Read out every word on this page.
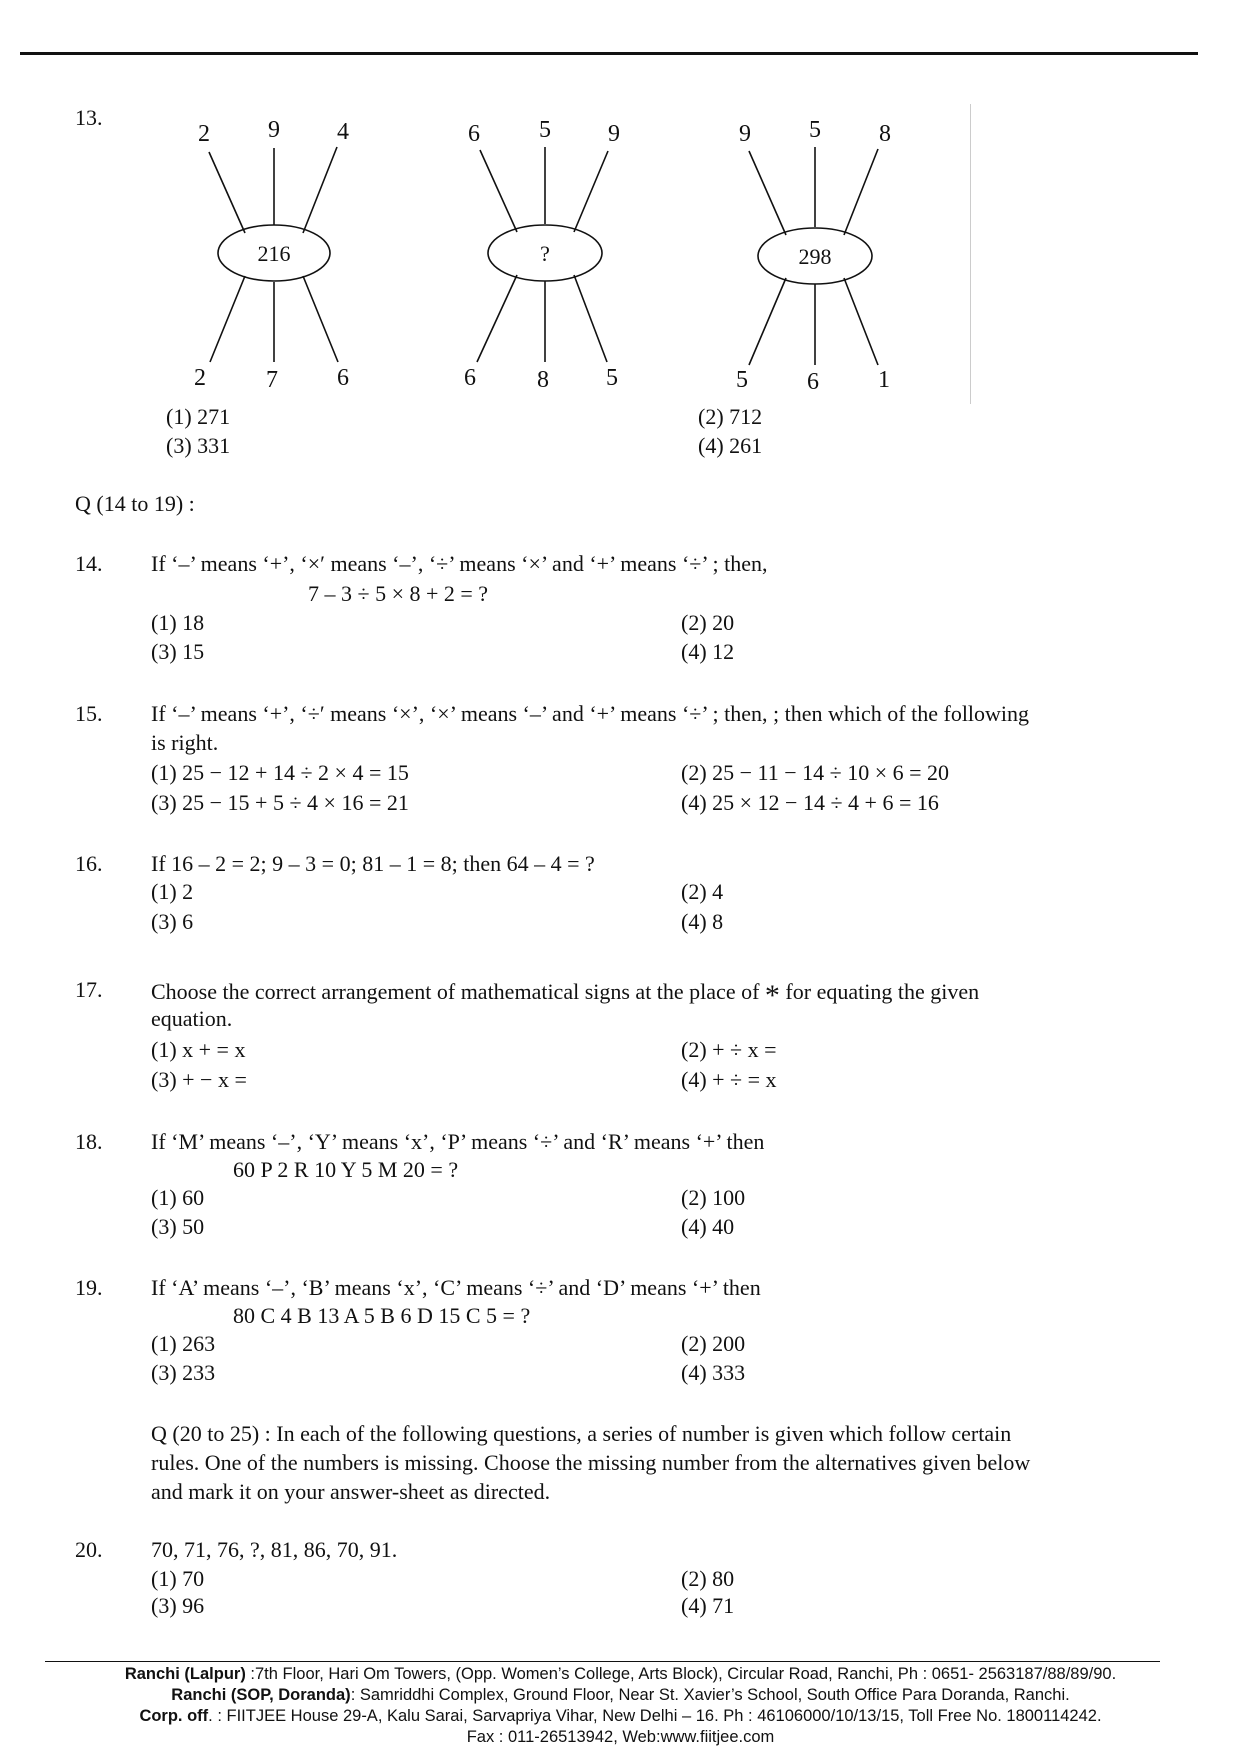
13.
2 9 4
216
2	7 6
6 5 9
?
6	8 5
9 5 8
298
5 6 1
(1) 271	(2) 712
(3) 331	(4) 261
Q (14 to 19) :
14. If ‘–’ means ‘+’, ‘×′ means ‘–’, ‘÷’ means ‘×’ and ‘+’ means ‘÷’ ; then,
7 – 3 ÷ 5 × 8 + 2 = ?
(1) 18	(2) 20
(3) 15	(4) 12
15. If ‘–’ means ‘+’, ‘÷′ means ‘×’, ‘×’ means ‘–’ and ‘+’ means ‘÷’ ; then, ; then which of the following
is right.
(1) 25 − 12 + 14 ÷ 2 × 4 = 15	(2) 25 − 11 − 14 ÷ 10 × 6 = 20
(3) 25 − 15 + 5 ÷ 4 × 16 = 21	(4) 25 × 12 − 14 ÷ 4 + 6 = 16
16. If 16 – 2 = 2; 9 – 3 = 0; 81 – 1 = 8; then 64 – 4 = ?
(1) 2	(2) 4
(3) 6	(4) 8
17. Choose the correct arrangement of mathematical signs at the place of * for equating the given
equation.
(1) x + = x	(2) + ÷ x =
(3) + − x =	(4) + ÷ = x
18. If ‘M’ means ‘–’, ‘Y’ means ‘x’, ‘P’ means ‘÷’ and ‘R’ means ‘+’ then
60 P 2 R 10 Y 5 M 20 = ?
(1) 60	(2) 100
(3) 50	(4) 40
19. If ‘A’ means ‘–’, ‘B’ means ‘x’, ‘C’ means ‘÷’ and ‘D’ means ‘+’ then
80 C 4 B 13 A 5 B 6 D 15 C 5 = ?
(1) 263	(2) 200
(3) 233	(4) 333
Q (20 to 25) : In each of the following questions, a series of number is given which follow certain
rules. One of the numbers is missing. Choose the missing number from the alternatives given below
and mark it on your answer-sheet as directed.
20. 70, 71, 76, ?, 81, 86, 70, 91.
(1) 70	(2) 80
(3) 96	(4) 71
Ranchi (Lalpur) :7th Floor, Hari Om Towers, (Opp. Women’s College, Arts Block), Circular Road, Ranchi, Ph : 0651- 2563187/88/89/90.
Ranchi (SOP, Doranda): Samriddhi Complex, Ground Floor, Near St. Xavier’s School, South Office Para Doranda, Ranchi.
Corp. off. : FIITJEE House 29-A, Kalu Sarai, Sarvapriya Vihar, New Delhi – 16. Ph : 46106000/10/13/15, Toll Free No. 1800114242.
Fax : 011-26513942, Web:www.fiitjee.com
